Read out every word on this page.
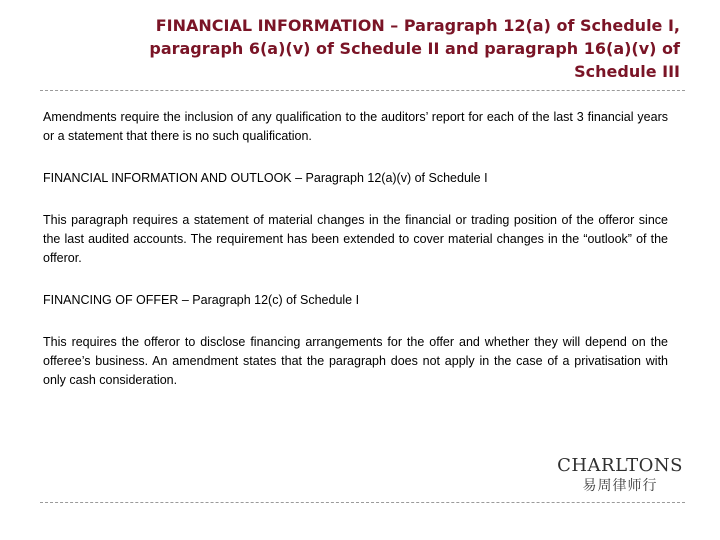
FINANCIAL INFORMATION – Paragraph 12(a) of Schedule I,
paragraph 6(a)(v) of Schedule II and paragraph 16(a)(v) of
Schedule III

Amendments require the inclusion of any qualification to the auditors’ report for each of the last 3 financial years or a statement that there is no such qualification.

FINANCIAL INFORMATION AND OUTLOOK – Paragraph 12(a)(v) of Schedule I

This paragraph requires a statement of material changes in the financial or trading position of the offeror since the last audited accounts. The requirement has been extended to cover material changes in the “outlook” of the offeror.

FINANCING OF OFFER – Paragraph 12(c) of Schedule I

This requires the offeror to disclose financing arrangements for the offer and whether they will depend on the offeree’s business. An amendment states that the paragraph does not apply in the case of a privatisation with only cash consideration.

CHARLTONS
易周律师行
